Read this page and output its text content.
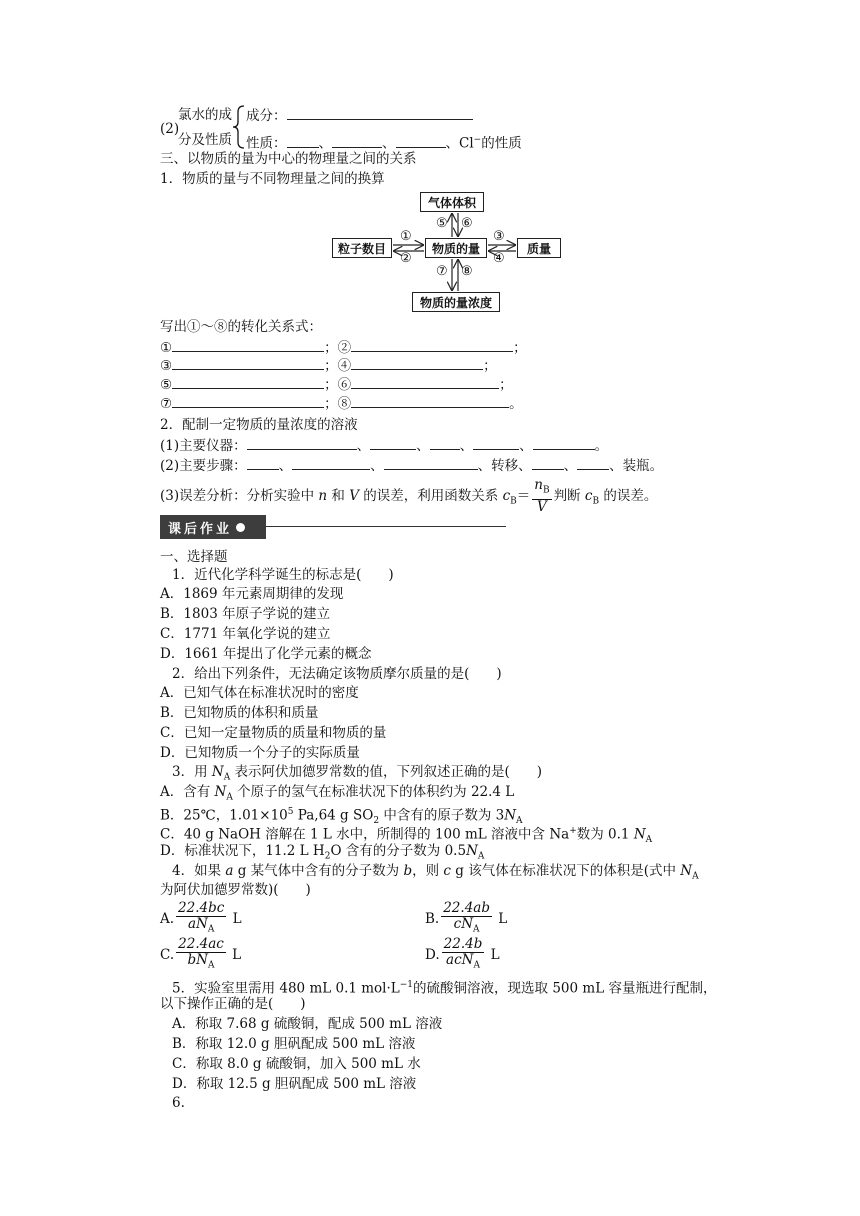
(2)
氯水的成
分及性质
成分：
性质： 、	、	、Cl−的性质
三、以物质的量为中心的物理量之间的关系
1．物质的量与不同物理量之间的换算
气体体积
粒子数目	物质的量	质量
物质的量浓度
①
②
③
④
⑤ ⑥
⑦ ⑧
写出①～⑧的转化关系式：
①	；②	；
③	；④	；
⑤	；⑥	；
⑦	；⑧	。
2．配制一定物质的量浓度的溶液
(1)主要仪器：	、	、 、	、	。
(2)主要步骤： 、	、	、转移、 、 、装瓶。
(3)误差分析：分析实验中 n 和 V 的误差，利用函数关系 $c_B= \frac{n_B}{V}$ 判断 $c_B$ 的误差。
课后作业
一、选择题
1．近代化学科学诞生的标志是(　　)
A．1869 年元素周期律的发现
B．1803 年原子学说的建立
C．1771 年氧化学说的建立
D．1661 年提出了化学元素的概念
2．给出下列条件，无法确定该物质摩尔质量的是(　　)
A．已知气体在标准状况时的密度
B．已知物质的体积和质量
C．已知一定量物质的质量和物质的量
D．已知物质一个分子的实际质量
3．用 $N_A$ 表示阿伏加德罗常数的值，下列叙述正确的是(　　)
A．含有 $N_A$ 个原子的氢气在标准状况下的体积约为 22.4 L
B．25℃，$1.01\times 10^5$ Pa,64 g $SO_2$ 中含有的原子数为 $3N_A$
C．40 g NaOH 溶解在 1 L 水中，所制得的 100 mL 溶液中含 Na+数为 0.1 $N_A$
D．标准状况下，11.2 L $H_2O$ 含有的分子数为 $0.5N_A$
4．如果 a g 某气体中含有的分子数为 b，则 c g 该气体在标准状况下的体积是(式中 $N_A$
为阿伏加德罗常数)(　　)
A. $\frac{22.4bc}{aN_A}$ L	B. $\frac{22.4ab}{cN_A}$ L
C. $\frac{22.4ac}{bN_A}$ L	D. $\frac{22.4b}{acN_A}$ L
5．实验室里需用 480 mL 0.1 $mol\cdot L^{-1}$的硫酸铜溶液，现选取 500 mL 容量瓶进行配制，
以下操作正确的是(　　)
A．称取 7.68 g 硫酸铜，配成 500 mL 溶液
B．称取 12.0 g 胆矾配成 500 mL 溶液
C．称取 8.0 g 硫酸铜，加入 500 mL 水
D．称取 12.5 g 胆矾配成 500 mL 溶液
6.
